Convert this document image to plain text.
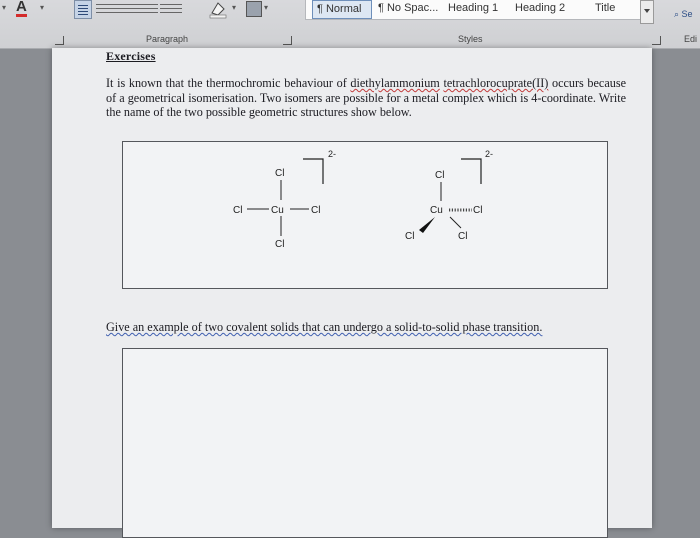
▾ A ▾	▾	▾
Paragraph
¶ Normal	¶ No Spac... Heading 1	Heading 2	Title
Styles
⌕ Se
Edi
Exercises
It is known that the thermochromic behaviour of diethylammonium tetrachlorocuprate(II) occurs because of a geometrical isomerisation. Two isomers are possible for a metal complex which is 4-coordinate. Write the name of the two possible geometric structures show below.
2-
Cl
Cl	Cu	Cl
Cl
2-
Cl
Cu	Cl
Cl	Cl
Give an example of two covalent solids that can undergo a solid-to-solid phase transition.
